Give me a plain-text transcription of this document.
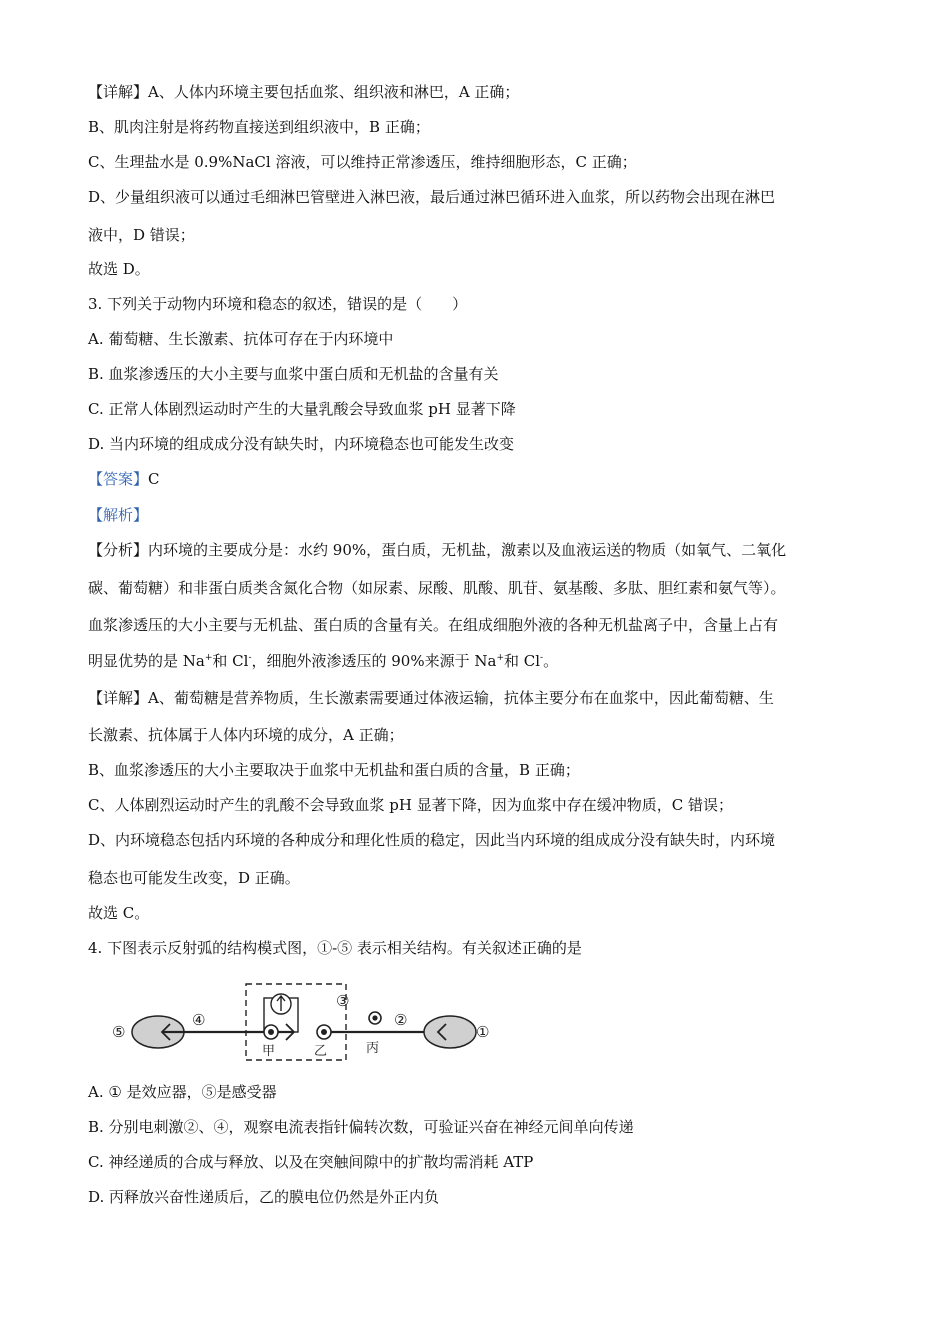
【详解】A、人体内环境主要包括血浆、组织液和淋巴，A 正确；
B、肌肉注射是将药物直接送到组织液中，B 正确；
C、生理盐水是 0.9%NaCl 溶液，可以维持正常渗透压，维持细胞形态，C 正确；
D、少量组织液可以通过毛细淋巴管壁进入淋巴液，最后通过淋巴循环进入血浆，所以药物会出现在淋巴
液中，D 错误；
故选 D。
3. 下列关于动物内环境和稳态的叙述，错误的是（　　）
A. 葡萄糖、生长激素、抗体可存在于内环境中
B. 血浆渗透压的大小主要与血浆中蛋白质和无机盐的含量有关
C. 正常人体剧烈运动时产生的大量乳酸会导致血浆 pH 显著下降
D. 当内环境的组成成分没有缺失时，内环境稳态也可能发生改变
【答案】C
【解析】
【分析】内环境的主要成分是：水约 90%，蛋白质，无机盐，激素以及血液运送的物质（如氧气、二氧化
碳、葡萄糖）和非蛋白质类含氮化合物（如尿素、尿酸、肌酸、肌苷、氨基酸、多肽、胆红素和氨气等）。
血浆渗透压的大小主要与无机盐、蛋白质的含量有关。在组成细胞外液的各种无机盐离子中，含量上占有
明显优势的是 Na+和 Cl-，细胞外液渗透压的 90%来源于 Na+和 Cl-。
【详解】A、葡萄糖是营养物质，生长激素需要通过体液运输，抗体主要分布在血浆中，因此葡萄糖、生
长激素、抗体属于人体内环境的成分，A 正确；
B、血浆渗透压的大小主要取决于血浆中无机盐和蛋白质的含量，B 正确；
C、人体剧烈运动时产生的乳酸不会导致血浆 pH 显著下降，因为血浆中存在缓冲物质，C 错误；
D、内环境稳态包括内环境的各种成分和理化性质的稳定，因此当内环境的组成成分没有缺失时，内环境
稳态也可能发生改变，D 正确。
故选 C。
4. 下图表示反射弧的结构模式图，①-⑤ 表示相关结构。有关叙述正确的是
⑤
④
③
②
①
甲	乙	丙
A. ① 是效应器，⑤是感受器
B. 分别电刺激②、④，观察电流表指针偏转次数，可验证兴奋在神经元间单向传递
C. 神经递质的合成与释放、以及在突触间隙中的扩散均需消耗 ATP
D. 丙释放兴奋性递质后，乙的膜电位仍然是外正内负
